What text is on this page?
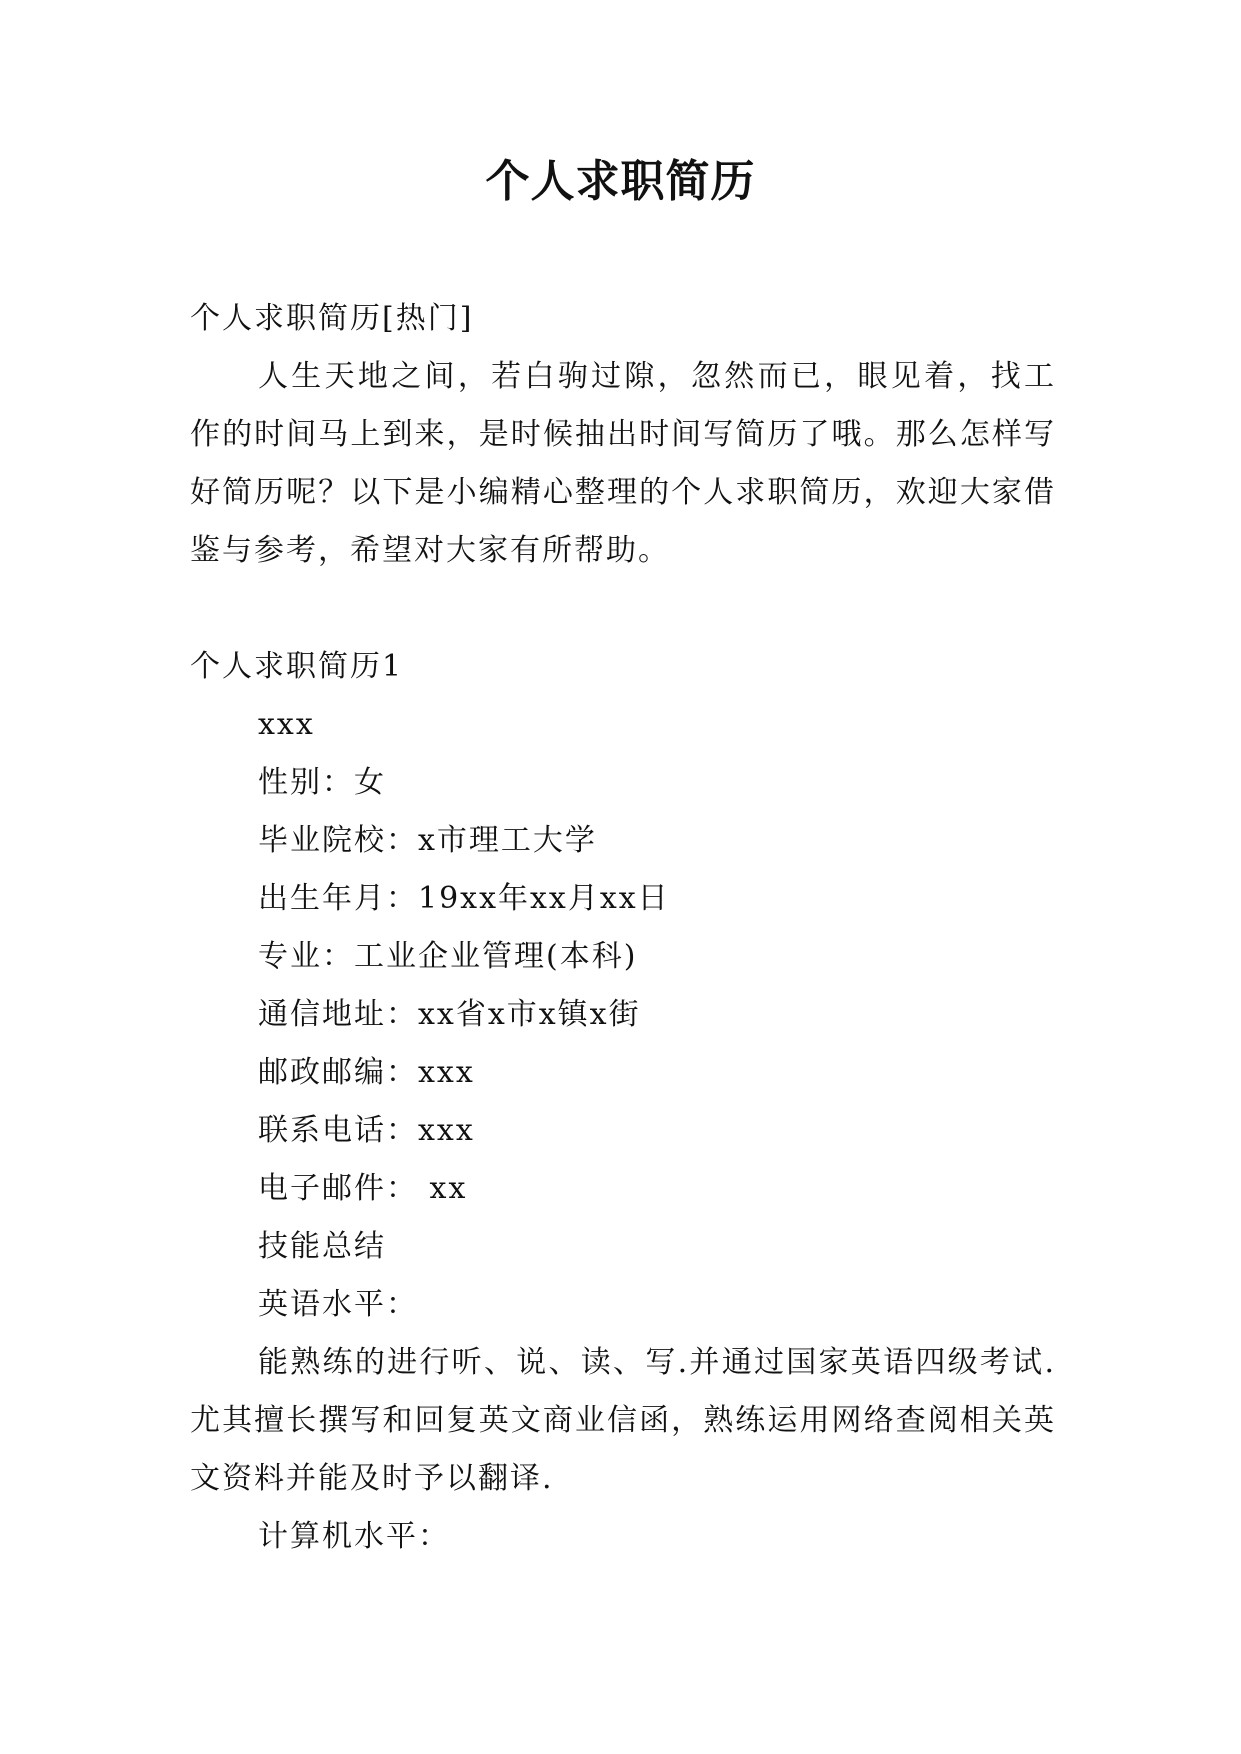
个人求职简历

个人求职简历[热门]

人生天地之间，若白驹过隙，忽然而已，眼见着，找工作的时间马上到来，是时候抽出时间写简历了哦。那么怎样写好简历呢？以下是小编精心整理的个人求职简历，欢迎大家借鉴与参考，希望对大家有所帮助。

个人求职简历1

xxx

性别：女

毕业院校：x市理工大学

出生年月：19xx年xx月xx日

专业：工业企业管理(本科)

通信地址：xx省x市x镇x街

邮政邮编：xxx

联系电话：xxx

电子邮件： xx

技能总结

英语水平：

能熟练的进行听、说、读、写.并通过国家英语四级考试.尤其擅长撰写和回复英文商业信函，熟练运用网络查阅相关英文资料并能及时予以翻译.

计算机水平：
